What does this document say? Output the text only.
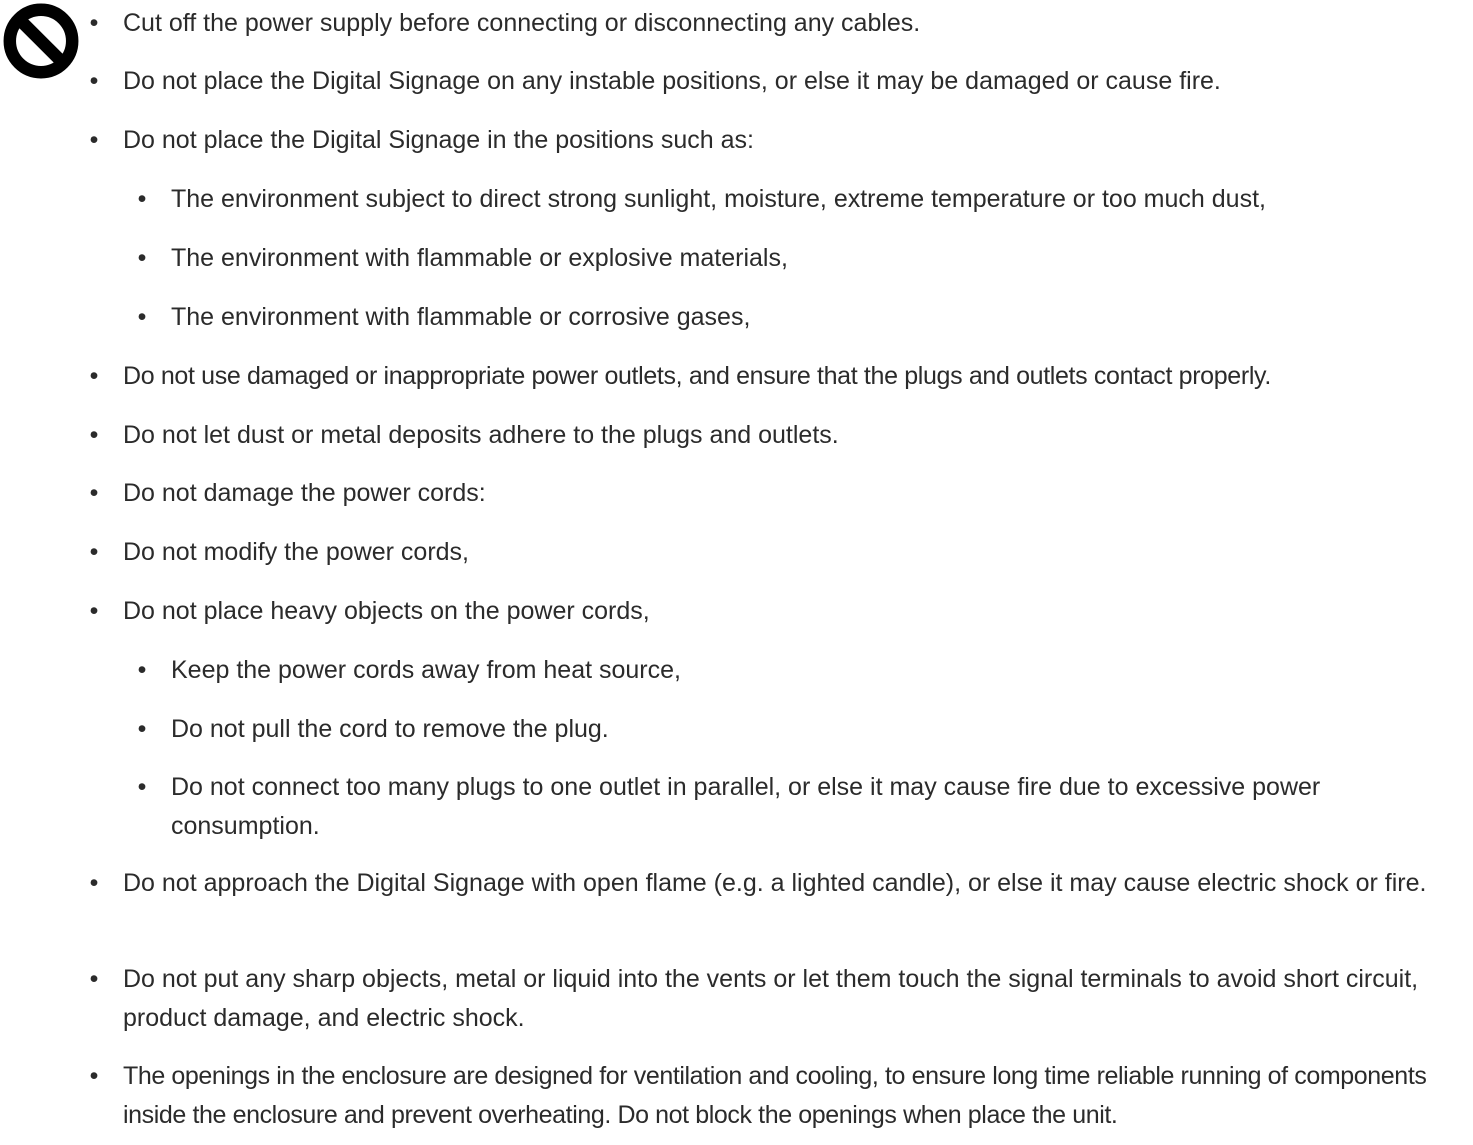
• Cut off the power supply before connecting or disconnecting any cables.
• Do not place the Digital Signage on any instable positions, or else it may be damaged or cause fire.
• Do not place the Digital Signage in the positions such as:
• The environment subject to direct strong sunlight, moisture, extreme temperature or too much dust,
• The environment with flammable or explosive materials,
• The environment with flammable or corrosive gases,
• Do not use damaged or inappropriate power outlets, and ensure that the plugs and outlets contact properly.
• Do not let dust or metal deposits adhere to the plugs and outlets.
• Do not damage the power cords:
• Do not modify the power cords,
• Do not place heavy objects on the power cords,
• Keep the power cords away from heat source,
• Do not pull the cord to remove the plug.
• Do not connect too many plugs to one outlet in parallel, or else it may cause fire due to excessive power consumption.
• Do not approach the Digital Signage with open flame (e.g. a lighted candle), or else it may cause electric shock or fire.
• Do not put any sharp objects, metal or liquid into the vents or let them touch the signal terminals to avoid short circuit, product damage, and electric shock.
• The openings in the enclosure are designed for ventilation and cooling, to ensure long time reliable running of components inside the enclosure and prevent overheating. Do not block the openings when place the unit.
